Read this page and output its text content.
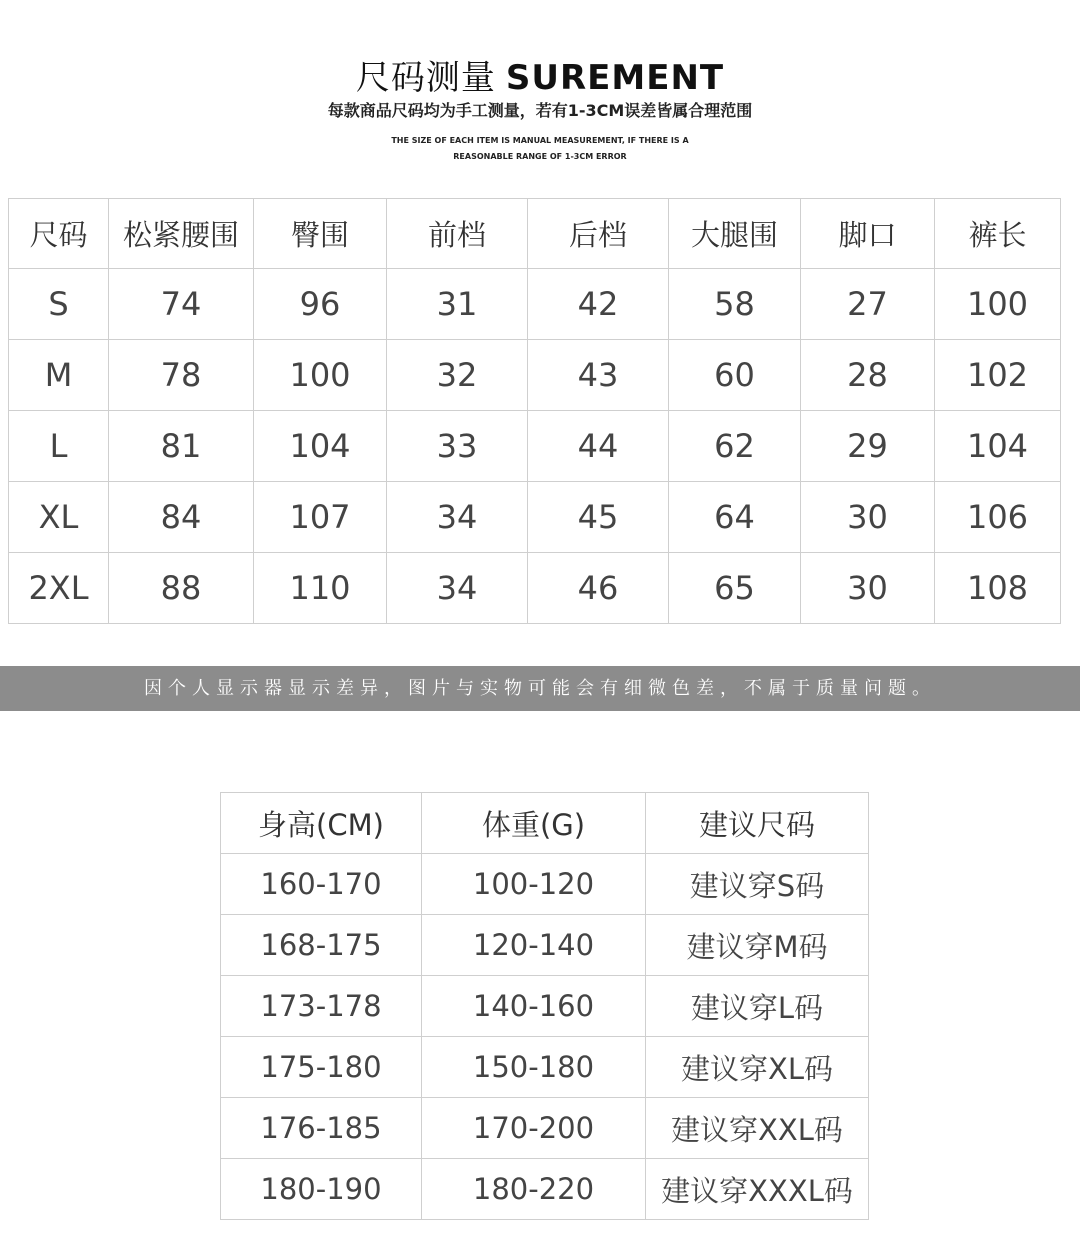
尺码测量 SUREMENT
每款商品尺码均为手工测量，若有1-3CM误差皆属合理范围
THE SIZE OF EACH ITEM IS MANUAL MEASUREMENT, IF THERE IS A
REASONABLE RANGE OF 1-3CM ERROR
尺码	松紧腰围	臀围	前档	后档	大腿围	脚口	裤长
S	74	96	31	42	58	27	100
M	78	100	32	43	60	28	102
L	81	104	33	44	62	29	104
XL	84	107	34	45	64	30	106
2XL	88	110	34	46	65	30	108
因个人显示器显示差异，图片与实物可能会有细微色差，不属于质量问题。
身高(CM)	体重(G)	建议尺码
160-170	100-120	建议穿S码
168-175	120-140	建议穿M码
173-178	140-160	建议穿L码
175-180	150-180	建议穿XL码
176-185	170-200	建议穿XXL码
180-190	180-220	建议穿XXXL码
